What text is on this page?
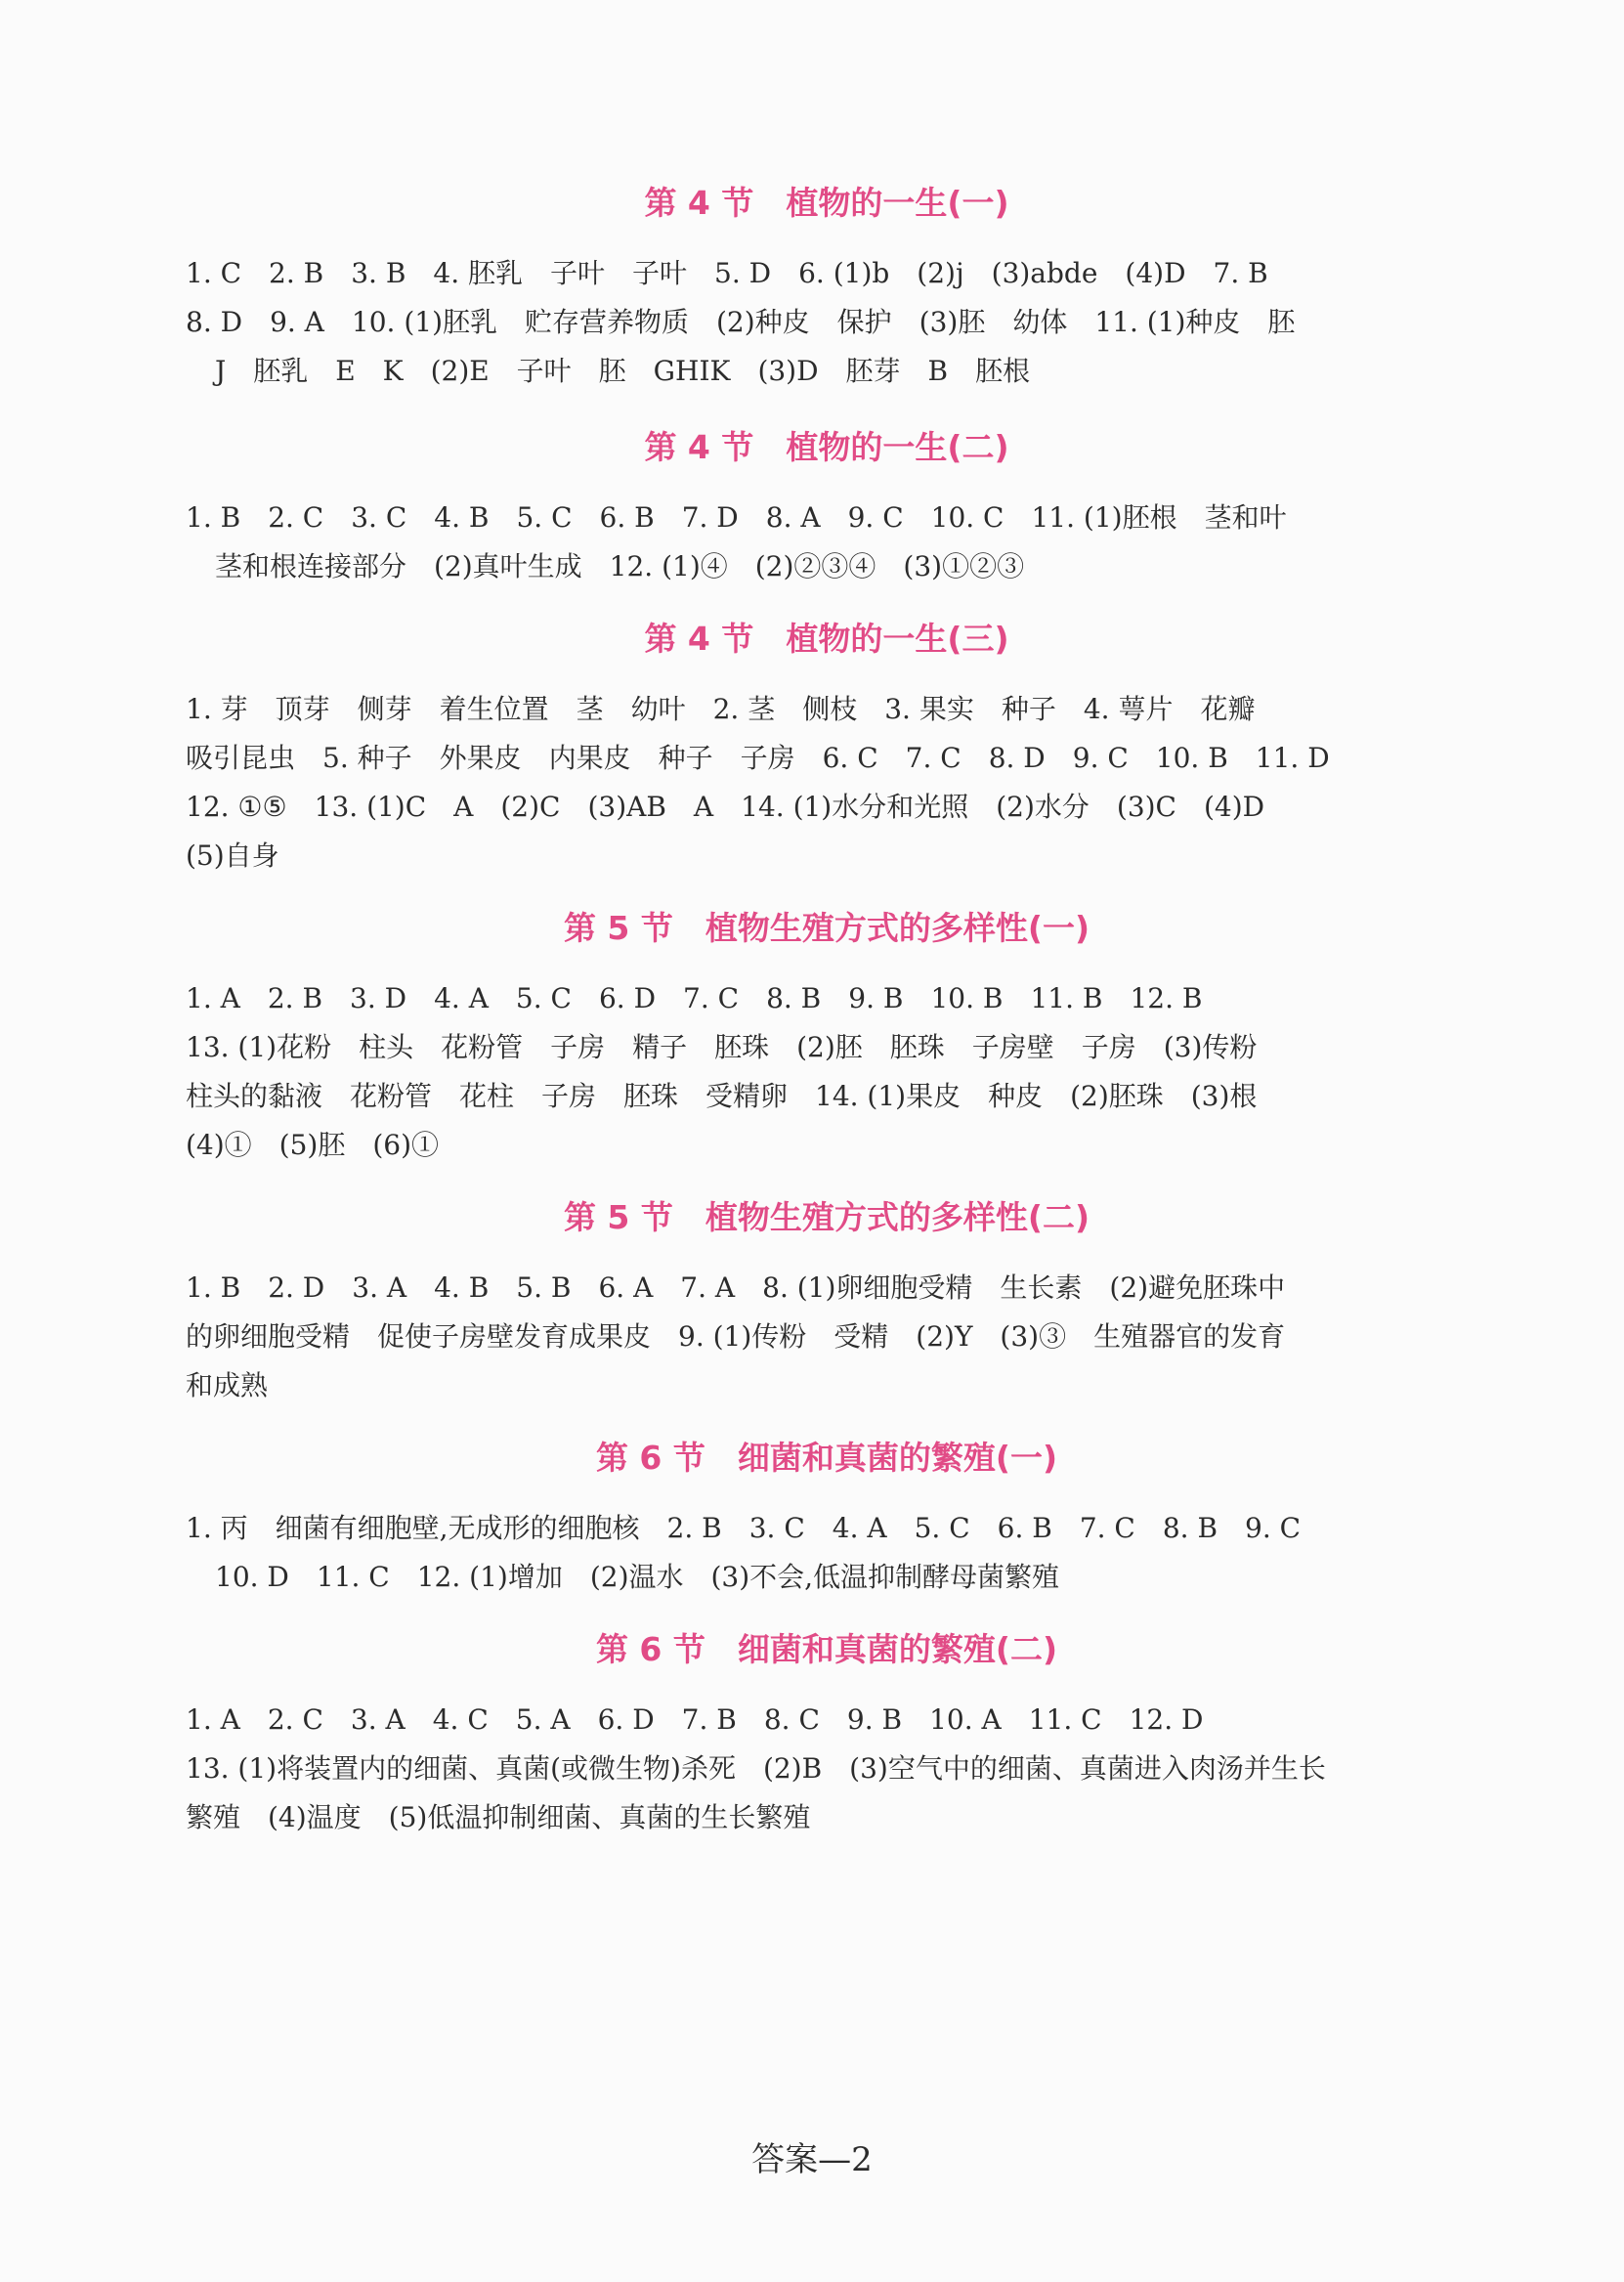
第 4 节　植物的一生(一)
1. C　2. B　3. B　4. 胚乳　子叶　子叶　5. D　6. (1)b　(2)j　(3)abde　(4)D　7. B
8. D　9. A　10. (1)胚乳　贮存营养物质　(2)种皮　保护　(3)胚　幼体　11. (1)种皮　胚
J　胚乳　E　K　(2)E　子叶　胚　GHIK　(3)D　胚芽　B　胚根
第 4 节　植物的一生(二)
1. B　2. C　3. C　4. B　5. C　6. B　7. D　8. A　9. C　10. C　11. (1)胚根　茎和叶
茎和根连接部分　(2)真叶生成　12. (1)④　(2)②③④　(3)①②③
第 4 节　植物的一生(三)
1. 芽　顶芽　侧芽　着生位置　茎　幼叶　2. 茎　侧枝　3. 果实　种子　4. 萼片　花瓣
吸引昆虫　5. 种子　外果皮　内果皮　种子　子房　6. C　7. C　8. D　9. C　10. B　11. D
12. ①⑤　13. (1)C　A　(2)C　(3)AB　A　14. (1)水分和光照　(2)水分　(3)C　(4)D
(5)自身
第 5 节　植物生殖方式的多样性(一)
1. A　2. B　3. D　4. A　5. C　6. D　7. C　8. B　9. B　10. B　11. B　12. B
13. (1)花粉　柱头　花粉管　子房　精子　胚珠　(2)胚　胚珠　子房壁　子房　(3)传粉
柱头的黏液　花粉管　花柱　子房　胚珠　受精卵　14. (1)果皮　种皮　(2)胚珠　(3)根
(4)①　(5)胚　(6)①
第 5 节　植物生殖方式的多样性(二)
1. B　2. D　3. A　4. B　5. B　6. A　7. A　8. (1)卵细胞受精　生长素　(2)避免胚珠中
的卵细胞受精　促使子房壁发育成果皮　9. (1)传粉　受精　(2)Y　(3)③　生殖器官的发育
和成熟
第 6 节　细菌和真菌的繁殖(一)
1. 丙　细菌有细胞壁,无成形的细胞核　2. B　3. C　4. A　5. C　6. B　7. C　8. B　9. C
10. D　11. C　12. (1)增加　(2)温水　(3)不会,低温抑制酵母菌繁殖
第 6 节　细菌和真菌的繁殖(二)
1. A　2. C　3. A　4. C　5. A　6. D　7. B　8. C　9. B　10. A　11. C　12. D
13. (1)将装置内的细菌、真菌(或微生物)杀死　(2)B　(3)空气中的细菌、真菌进入肉汤并生长
繁殖　(4)温度　(5)低温抑制细菌、真菌的生长繁殖
答案—2
